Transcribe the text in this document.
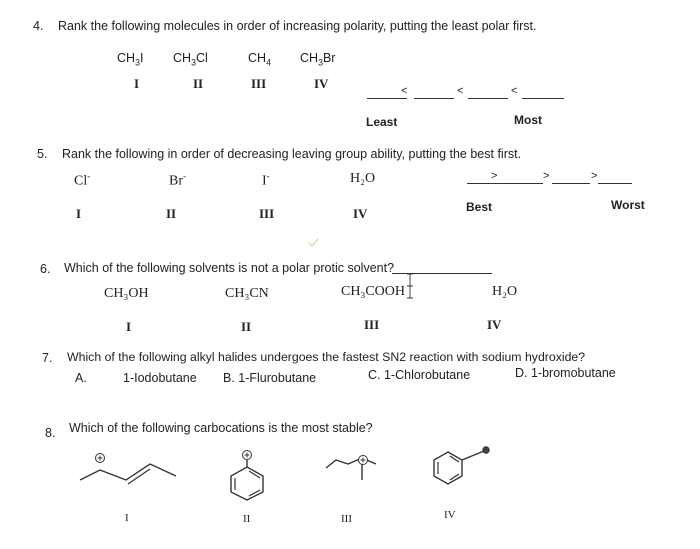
4. Rank the following molecules in order of increasing polarity, putting the least polar first.
$CH_3I$ $CH_3Cl$	$CH_4$ $CH_3Br$
I	II	III	IV	<	<	<
Least	Most
5. Rank the following in order of decreasing leaving group ability, putting the best first.
Cl-	Br-	I-	H₂O
I	II	III	IV
>	>	>
Best	Worst
6. Which of the following solvents is not a polar protic solvent?
CH₃OH	CH₃CN	CH₃COOH	H₂O
I	II	III	IV
7. Which of the following alkyl halides undergoes the fastest SN2 reaction with sodium hydroxide?
A.	1-Iodobutane B. 1-Flurobutane	C. 1-Chlorobutane	D. 1-bromobutane
8. Which of the following carbocations is the most stable?
I	II	III	IV
